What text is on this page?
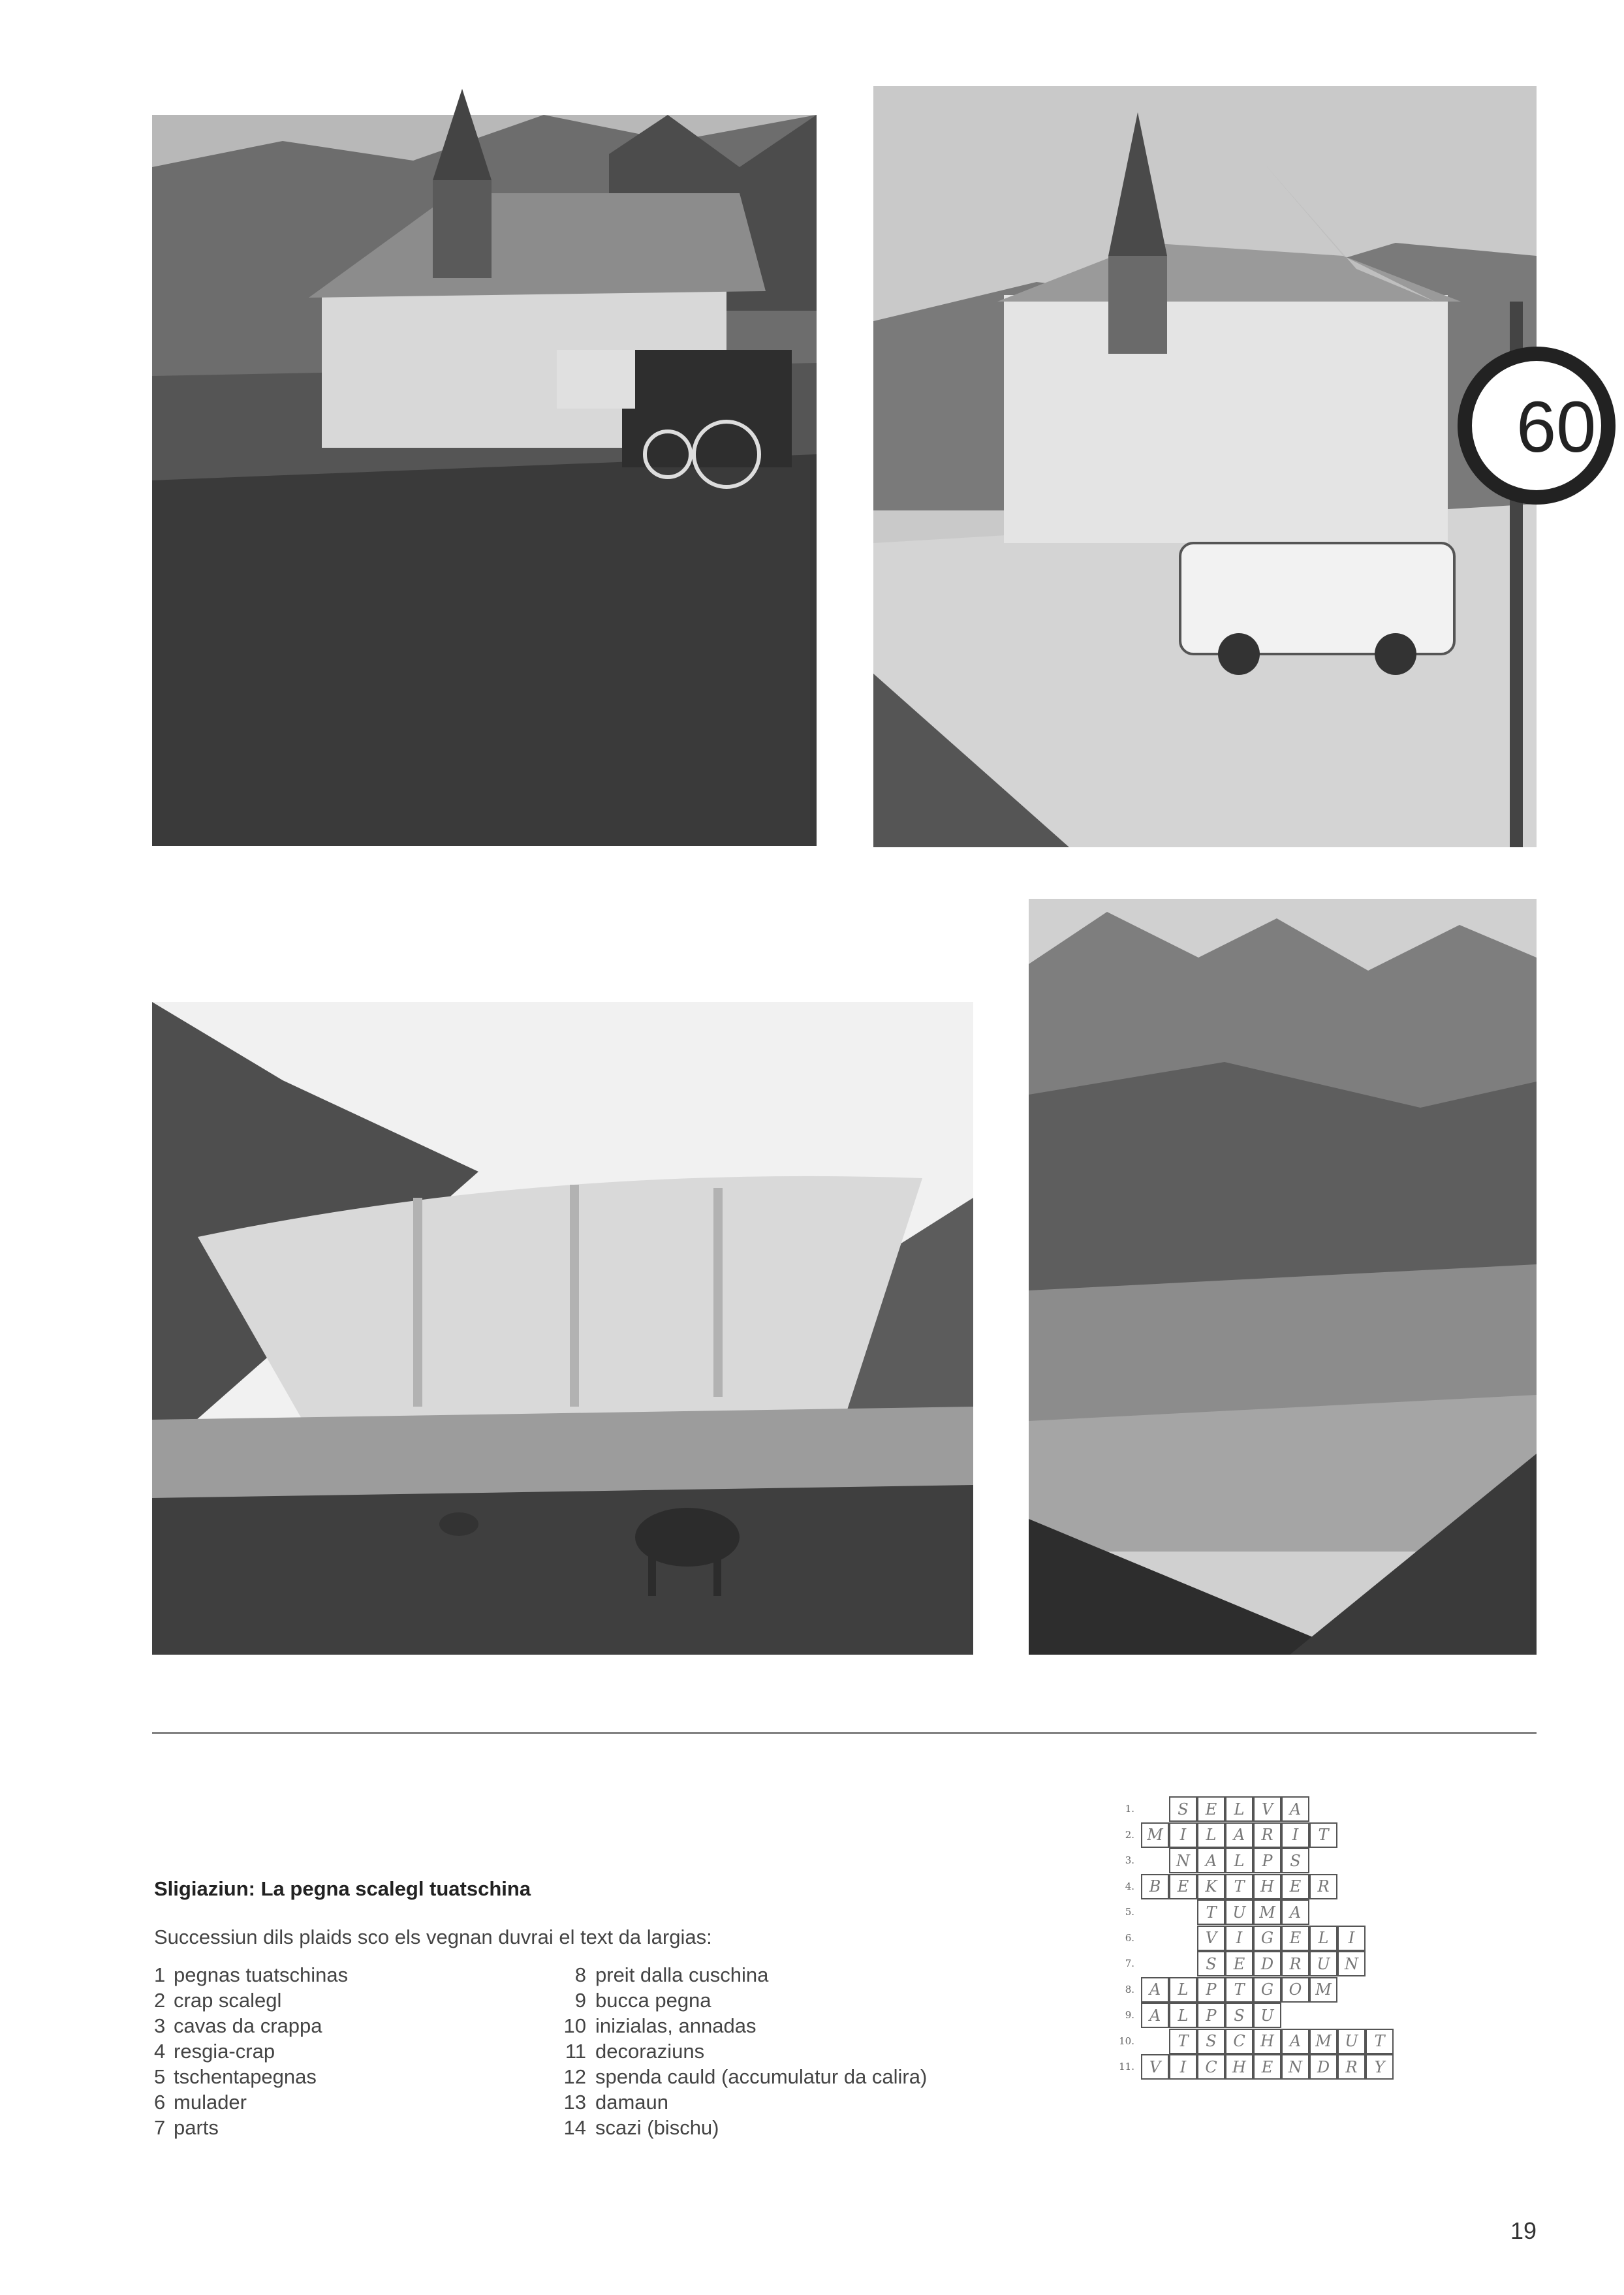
60
Sligiaziun: La pegna scalegl tuatschina
Successiun dils plaids sco els vegnan duvrai el text da largias:
1 pegnas tuatschinas
2 crap scalegl
3 cavas da crappa
4 resgia-crap
5 tschentapegnas
6 mulader
7 parts
8 preit dalla cuschina
9 bucca pegna
10 inizialas, annadas
11 decoraziuns
12 spenda cauld (accumulatur da calira)
13 damaun
14 scazi (bischu)
1.	S	E	L	V	A
2. M	I	L	A	R	I	T
3.	N A	L	P	S
4. B	E	K	T	H E	R
5.	T	U M A
6.	V	I	G	E	L	I
7.	S	E	D	R U N
8. A	L	P	T	G O M
9. A	L	P	S	U
10.	T	S	C H A M U	T
11. V	I	C H E N D	R	Y
19
